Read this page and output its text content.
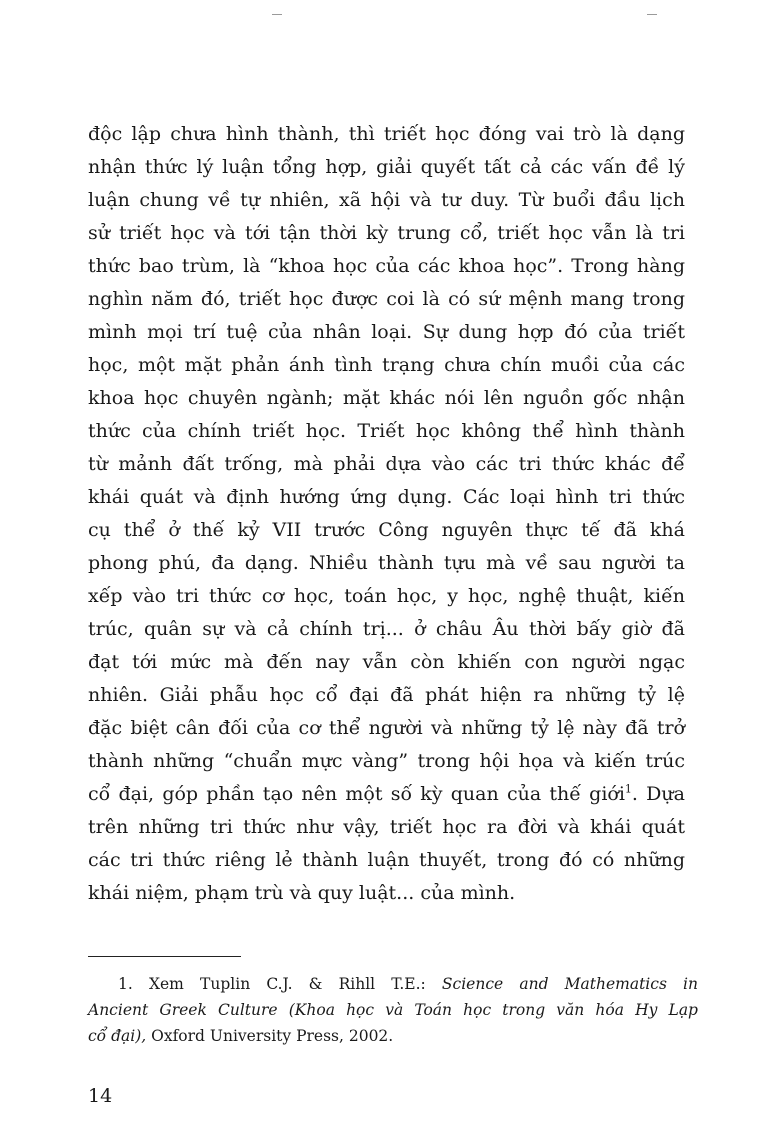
độc lập chưa hình thành, thì triết học đóng vai trò là dạng
nhận thức lý luận tổng hợp, giải quyết tất cả các vấn đề lý
luận chung về tự nhiên, xã hội và tư duy. Từ buổi đầu lịch
sử triết học và tới tận thời kỳ trung cổ, triết học vẫn là tri
thức bao trùm, là “khoa học của các khoa học”. Trong hàng
nghìn năm đó, triết học được coi là có sứ mệnh mang trong
mình mọi trí tuệ của nhân loại. Sự dung hợp đó của triết
học, một mặt phản ánh tình trạng chưa chín muồi của các
khoa học chuyên ngành; mặt khác nói lên nguồn gốc nhận
thức của chính triết học. Triết học không thể hình thành
từ mảnh đất trống, mà phải dựa vào các tri thức khác để
khái quát và định hướng ứng dụng. Các loại hình tri thức
cụ thể ở thế kỷ VII trước Công nguyên thực tế đã khá
phong phú, đa dạng. Nhiều thành tựu mà về sau người ta
xếp vào tri thức cơ học, toán học, y học, nghệ thuật, kiến
trúc, quân sự và cả chính trị... ở châu Âu thời bấy giờ đã
đạt tới mức mà đến nay vẫn còn khiến con người ngạc
nhiên. Giải phẫu học cổ đại đã phát hiện ra những tỷ lệ
đặc biệt cân đối của cơ thể người và những tỷ lệ này đã trở
thành những “chuẩn mực vàng” trong hội họa và kiến trúc
cổ đại, góp phần tạo nên một số kỳ quan của thế giới$^1$. Dựa
trên những tri thức như vậy, triết học ra đời và khái quát
các tri thức riêng lẻ thành luận thuyết, trong đó có những
khái niệm, phạm trù và quy luật... của mình.
1. Xem Tuplin C.J. & Rihll T.E.: Science and Mathematics in
Ancient Greek Culture (Khoa học và Toán học trong văn hóa Hy Lạp
cổ đại), Oxford University Press, 2002.
14
